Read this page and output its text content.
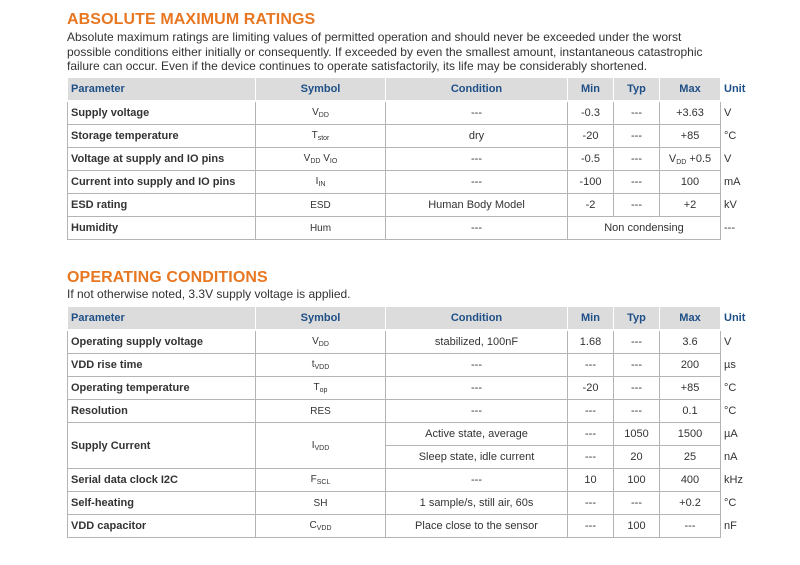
ABSOLUTE MAXIMUM RATINGS

Absolute maximum ratings are limiting values of permitted operation and should never be exceeded under the worst possible conditions either initially or consequently. If exceeded by even the smallest amount, instantaneous catastrophic failure can occur. Even if the device continues to operate satisfactorily, its life may be considerably shortened.

Parameter	Symbol	Condition	Min	Typ	Max	Unit
Supply voltage	$V_{DD}$	---	-0.3	---	+3.63	V
Storage temperature	$T_{stor}$	dry	-20	---	+85	°C
Voltage at supply and IO pins	$V_{DD}$ $V_{IO}$	---	-0.5	---	$V_{DD} +0.5$	V
Current into supply and IO pins	$I_{IN}$	---	-100	---	100	mA
ESD rating	ESD	Human Body Model	-2	---	+2	kV
Humidity	Hum	---	Non condensing			---
OPERATING CONDITIONS

If not otherwise noted, 3.3V supply voltage is applied.

Parameter	Symbol	Condition	Min	Typ	Max	Unit
Operating supply voltage	$V_{DD}$	stabilized, 100nF	1.68	---	3.6	V
VDD rise time	$t_{VDD}$	---	---	---	200	µs
Operating temperature	$T_{op}$	---	-20	---	+85	°C
Resolution	RES	---	---	---	0.1	°C
Supply Current	$I_{VDD}$	Active state, average	---	1050	1500	µA
		Sleep state, idle current	---	20	25	nA
Serial data clock I2C	$F_{SCL}$	---	10	100	400	kHz
Self-heating	SH	1 sample/s, still air, 60s	---	---	+0.2	°C
VDD capacitor	$C_{VDD}$	Place close to the sensor	---	100	---	nF
